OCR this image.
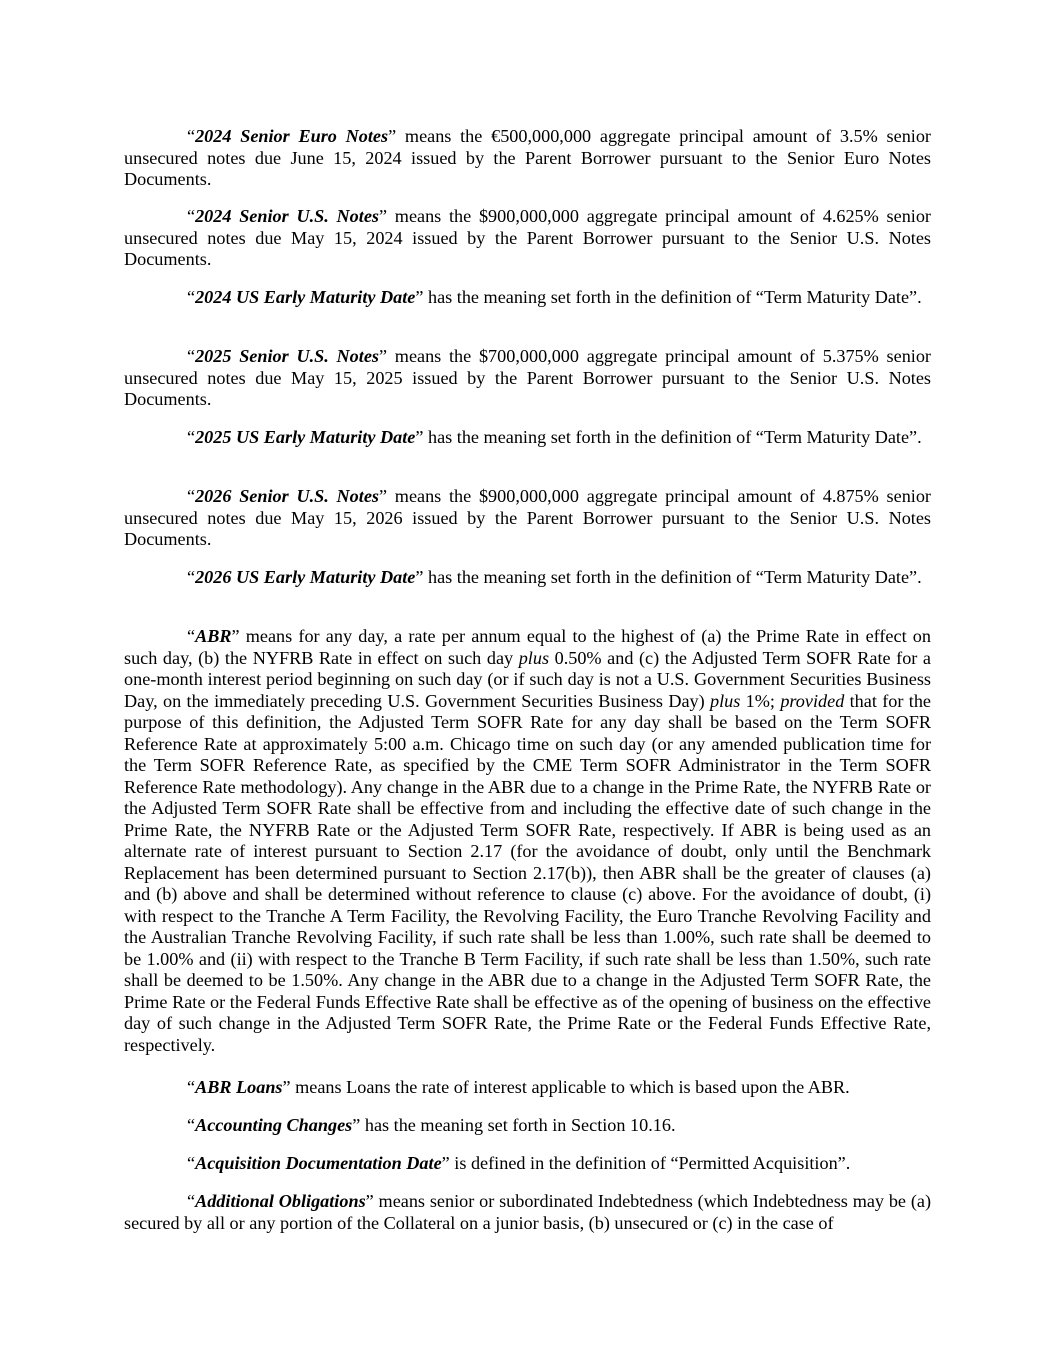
“2024 Senior Euro Notes” means the €500,000,000 aggregate principal amount of 3.5% senior unsecured notes due June 15, 2024 issued by the Parent Borrower pursuant to the Senior Euro Notes Documents.

“2024 Senior U.S. Notes” means the $900,000,000 aggregate principal amount of 4.625% senior unsecured notes due May 15, 2024 issued by the Parent Borrower pursuant to the Senior U.S. Notes Documents.

“2024 US Early Maturity Date” has the meaning set forth in the definition of “Term Maturity Date”.

“2025 Senior U.S. Notes” means the $700,000,000 aggregate principal amount of 5.375% senior unsecured notes due May 15, 2025 issued by the Parent Borrower pursuant to the Senior U.S. Notes Documents.

“2025 US Early Maturity Date” has the meaning set forth in the definition of “Term Maturity Date”.

“2026 Senior U.S. Notes” means the $900,000,000 aggregate principal amount of 4.875% senior unsecured notes due May 15, 2026 issued by the Parent Borrower pursuant to the Senior U.S. Notes Documents.

“2026 US Early Maturity Date” has the meaning set forth in the definition of “Term Maturity Date”.

“ABR” means for any day, a rate per annum equal to the highest of (a) the Prime Rate in effect on such day, (b) the NYFRB Rate in effect on such day plus 0.50% and (c) the Adjusted Term SOFR Rate for a one-month interest period beginning on such day (or if such day is not a U.S. Government Securities Business Day, on the immediately preceding U.S. Government Securities Business Day) plus 1%; provided that for the purpose of this definition, the Adjusted Term SOFR Rate for any day shall be based on the Term SOFR Reference Rate at approximately 5:00 a.m. Chicago time on such day (or any amended publication time for the Term SOFR Reference Rate, as specified by the CME Term SOFR Administrator in the Term SOFR Reference Rate methodology). Any change in the ABR due to a change in the Prime Rate, the NYFRB Rate or the Adjusted Term SOFR Rate shall be effective from and including the effective date of such change in the Prime Rate, the NYFRB Rate or the Adjusted Term SOFR Rate, respectively. If ABR is being used as an alternate rate of interest pursuant to Section 2.17 (for the avoidance of doubt, only until the Benchmark Replacement has been determined pursuant to Section 2.17(b)), then ABR shall be the greater of clauses (a) and (b) above and shall be determined without reference to clause (c) above. For the avoidance of doubt, (i) with respect to the Tranche A Term Facility, the Revolving Facility, the Euro Tranche Revolving Facility and the Australian Tranche Revolving Facility, if such rate shall be less than 1.00%, such rate shall be deemed to be 1.00% and (ii) with respect to the Tranche B Term Facility, if such rate shall be less than 1.50%, such rate shall be deemed to be 1.50%. Any change in the ABR due to a change in the Adjusted Term SOFR Rate, the Prime Rate or the Federal Funds Effective Rate shall be effective as of the opening of business on the effective day of such change in the Adjusted Term SOFR Rate, the Prime Rate or the Federal Funds Effective Rate, respectively.

“ABR Loans” means Loans the rate of interest applicable to which is based upon the ABR.

“Accounting Changes” has the meaning set forth in Section 10.16.

“Acquisition Documentation Date” is defined in the definition of “Permitted Acquisition”.

“Additional Obligations” means senior or subordinated Indebtedness (which Indebtedness may be (a) secured by all or any portion of the Collateral on a junior basis, (b) unsecured or (c) in the case of
